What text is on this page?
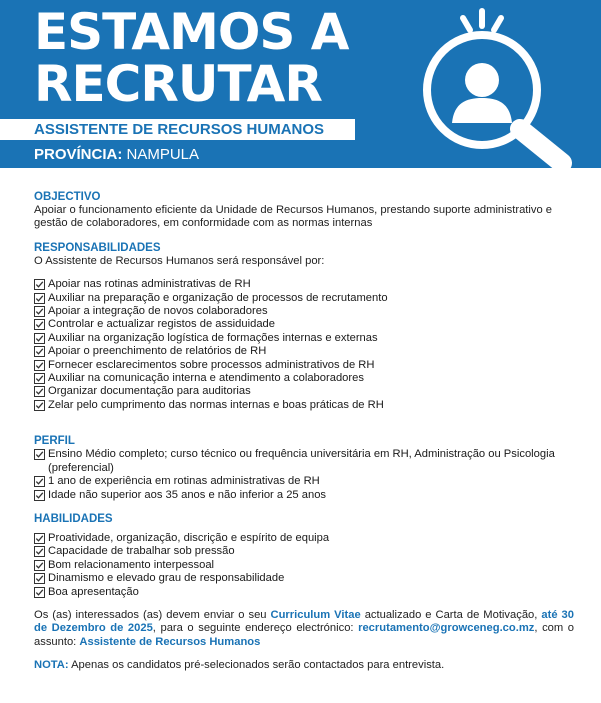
ESTAMOS A
RECRUTAR
ASSISTENTE DE RECURSOS HUMANOS
PROVÍNCIA: NAMPULA
OBJECTIVO
Apoiar o funcionamento eficiente da Unidade de Recursos Humanos, prestando suporte administrativo e gestão de colaboradores, em conformidade com as normas internas
RESPONSABILIDADES
O Assistente de Recursos Humanos será responsável por:
Apoiar nas rotinas administrativas de RH
Auxiliar na preparação e organização de processos de recrutamento
Apoiar a integração de novos colaboradores
Controlar e actualizar registos de assiduidade
Auxiliar na organização logística de formações internas e externas
Apoiar o preenchimento de relatórios de RH
Fornecer esclarecimentos sobre processos administrativos de RH
Auxiliar na comunicação interna e atendimento a colaboradores
Organizar documentação para auditorias
Zelar pelo cumprimento das normas internas e boas práticas de RH
PERFIL
Ensino Médio completo; curso técnico ou frequência universitária em RH, Administração ou Psicologia (preferencial)
1 ano de experiência em rotinas administrativas de RH
Idade não superior aos 35 anos e não inferior a 25 anos
HABILIDADES
Proatividade, organização, discrição e espírito de equipa
Capacidade de trabalhar sob pressão
Bom relacionamento interpessoal
Dinamismo e elevado grau de responsabilidade
Boa apresentação
Os (as) interessados (as) devem enviar o seu Curriculum Vitae actualizado e Carta de Motivação, até 30 de Dezembro de 2025, para o seguinte endereço electrónico: recrutamento@growceneg.co.mz, com o assunto: Assistente de Recursos Humanos
NOTA: Apenas os candidatos pré-selecionados serão contactados para entrevista.
